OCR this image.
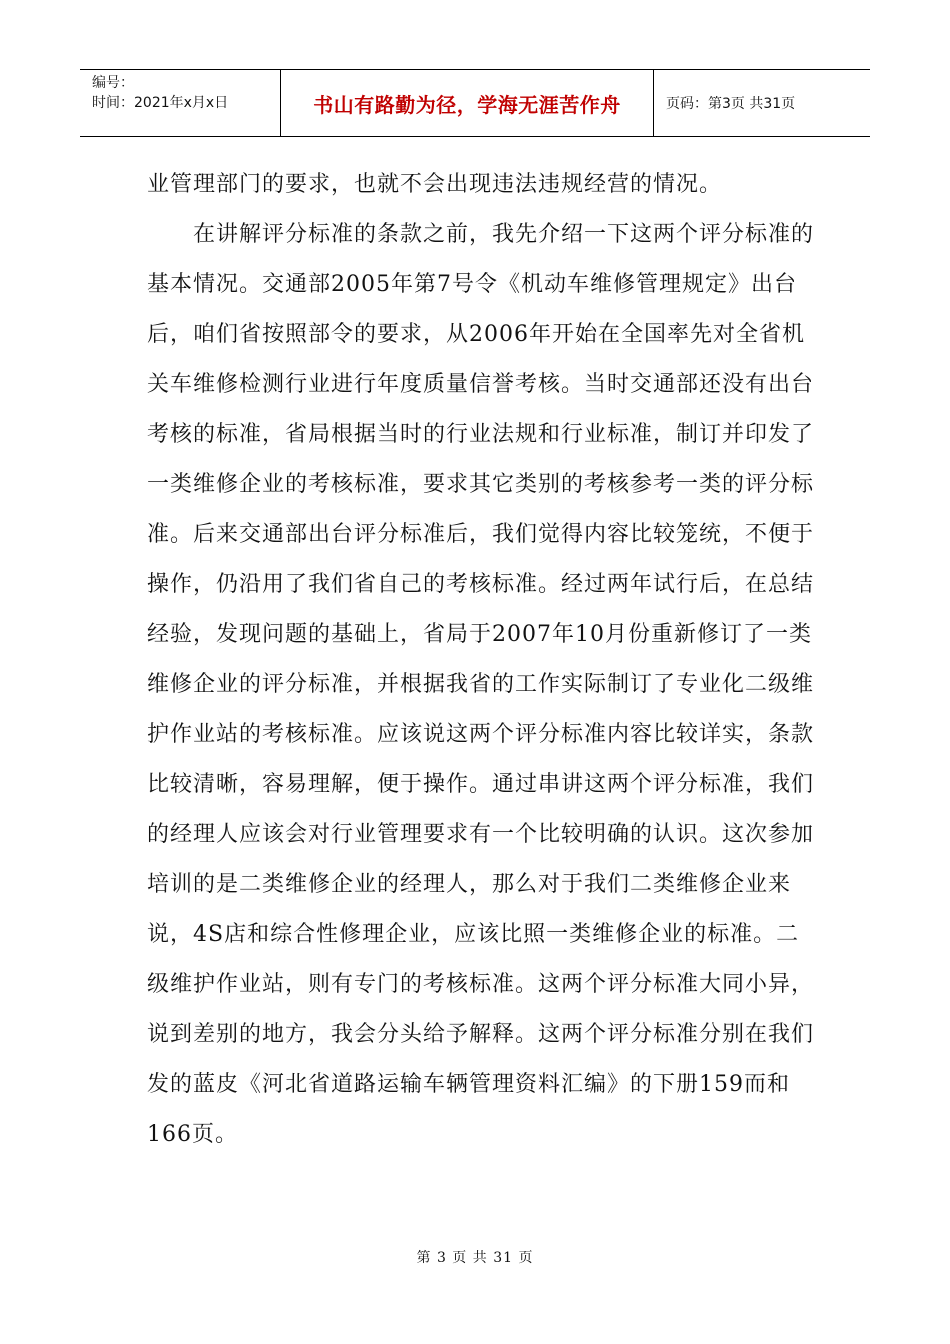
编号：
时间：2021年x月x日	书山有路勤为径，学海无涯苦作舟	页码：第3页 共31页

业管理部门的要求，也就不会出现违法违规经营的情况。

在讲解评分标准的条款之前，我先介绍一下这两个评分标准的基本情况。交通部2005年第7号令《机动车维修管理规定》出台后，咱们省按照部令的要求，从2006年开始在全国率先对全省机关车维修检测行业进行年度质量信誉考核。当时交通部还没有出台考核的标准，省局根据当时的行业法规和行业标准，制订并印发了一类维修企业的考核标准，要求其它类别的考核参考一类的评分标准。后来交通部出台评分标准后，我们觉得内容比较笼统，不便于操作，仍沿用了我们省自己的考核标准。经过两年试行后，在总结经验，发现问题的基础上，省局于2007年10月份重新修订了一类维修企业的评分标准，并根据我省的工作实际制订了专业化二级维护作业站的考核标准。应该说这两个评分标准内容比较详实，条款比较清晰，容易理解，便于操作。通过串讲这两个评分标准，我们的经理人应该会对行业管理要求有一个比较明确的认识。这次参加培训的是二类维修企业的经理人，那么对于我们二类维修企业来说，4S店和综合性修理企业，应该比照一类维修企业的标准。二级维护作业站，则有专门的考核标准。这两个评分标准大同小异，说到差别的地方，我会分头给予解释。这两个评分标准分别在我们发的蓝皮《河北省道路运输车辆管理资料汇编》的下册159而和166页。

第 3 页 共 31 页
